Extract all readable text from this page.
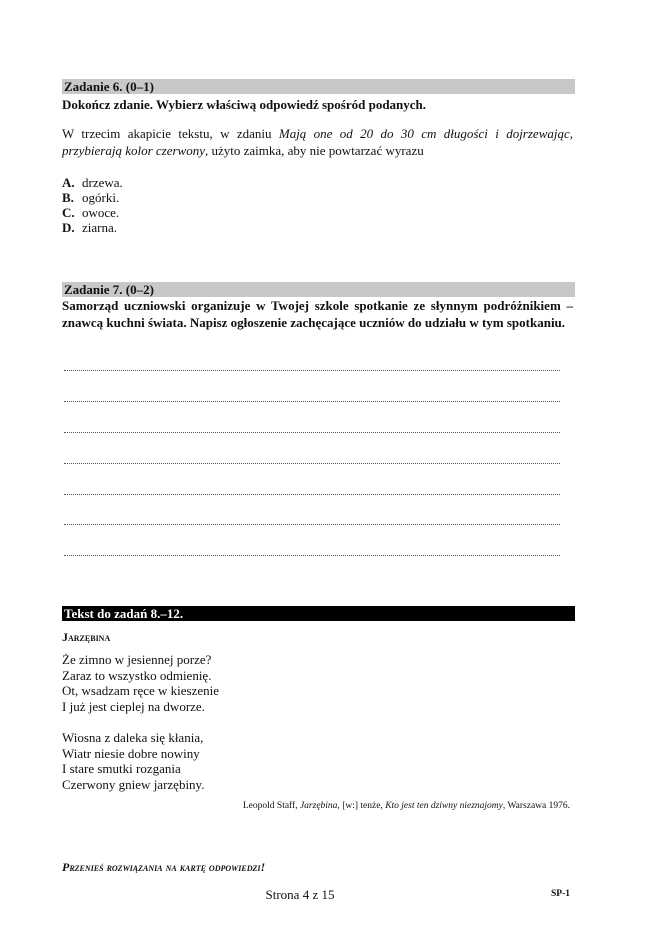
Zadanie 6. (0–1)
Dokończ zdanie. Wybierz właściwą odpowiedź spośród podanych.
W trzecim akapicie tekstu, w zdaniu Mają one od 20 do 30 cm długości i dojrzewając, przybierają kolor czerwony, użyto zaimka, aby nie powtarzać wyrazu
A. drzewa.
B. ogórki.
C. owoce.
D. ziarna.
Zadanie 7. (0–2)
Samorząd uczniowski organizuje w Twojej szkole spotkanie ze słynnym podróżnikiem – znawcą kuchni świata. Napisz ogłoszenie zachęcające uczniów do udziału w tym spotkaniu.
Tekst do zadań 8.–12.
Jarzębina
Że zimno w jesiennej porze?
Zaraz to wszystko odmienię.
Ot, wsadzam ręce w kieszenie
I już jest cieplej na dworze.
Wiosna z daleka się kłania,
Wiatr niesie dobre nowiny
I stare smutki rozgania
Czerwony gniew jarzębiny.
Leopold Staff, Jarzębina, [w:] tenże, Kto jest ten dziwny nieznajomy, Warszawa 1976.
Przenieś rozwiązania na kartę odpowiedzi!
Strona 4 z 15	SP-1
